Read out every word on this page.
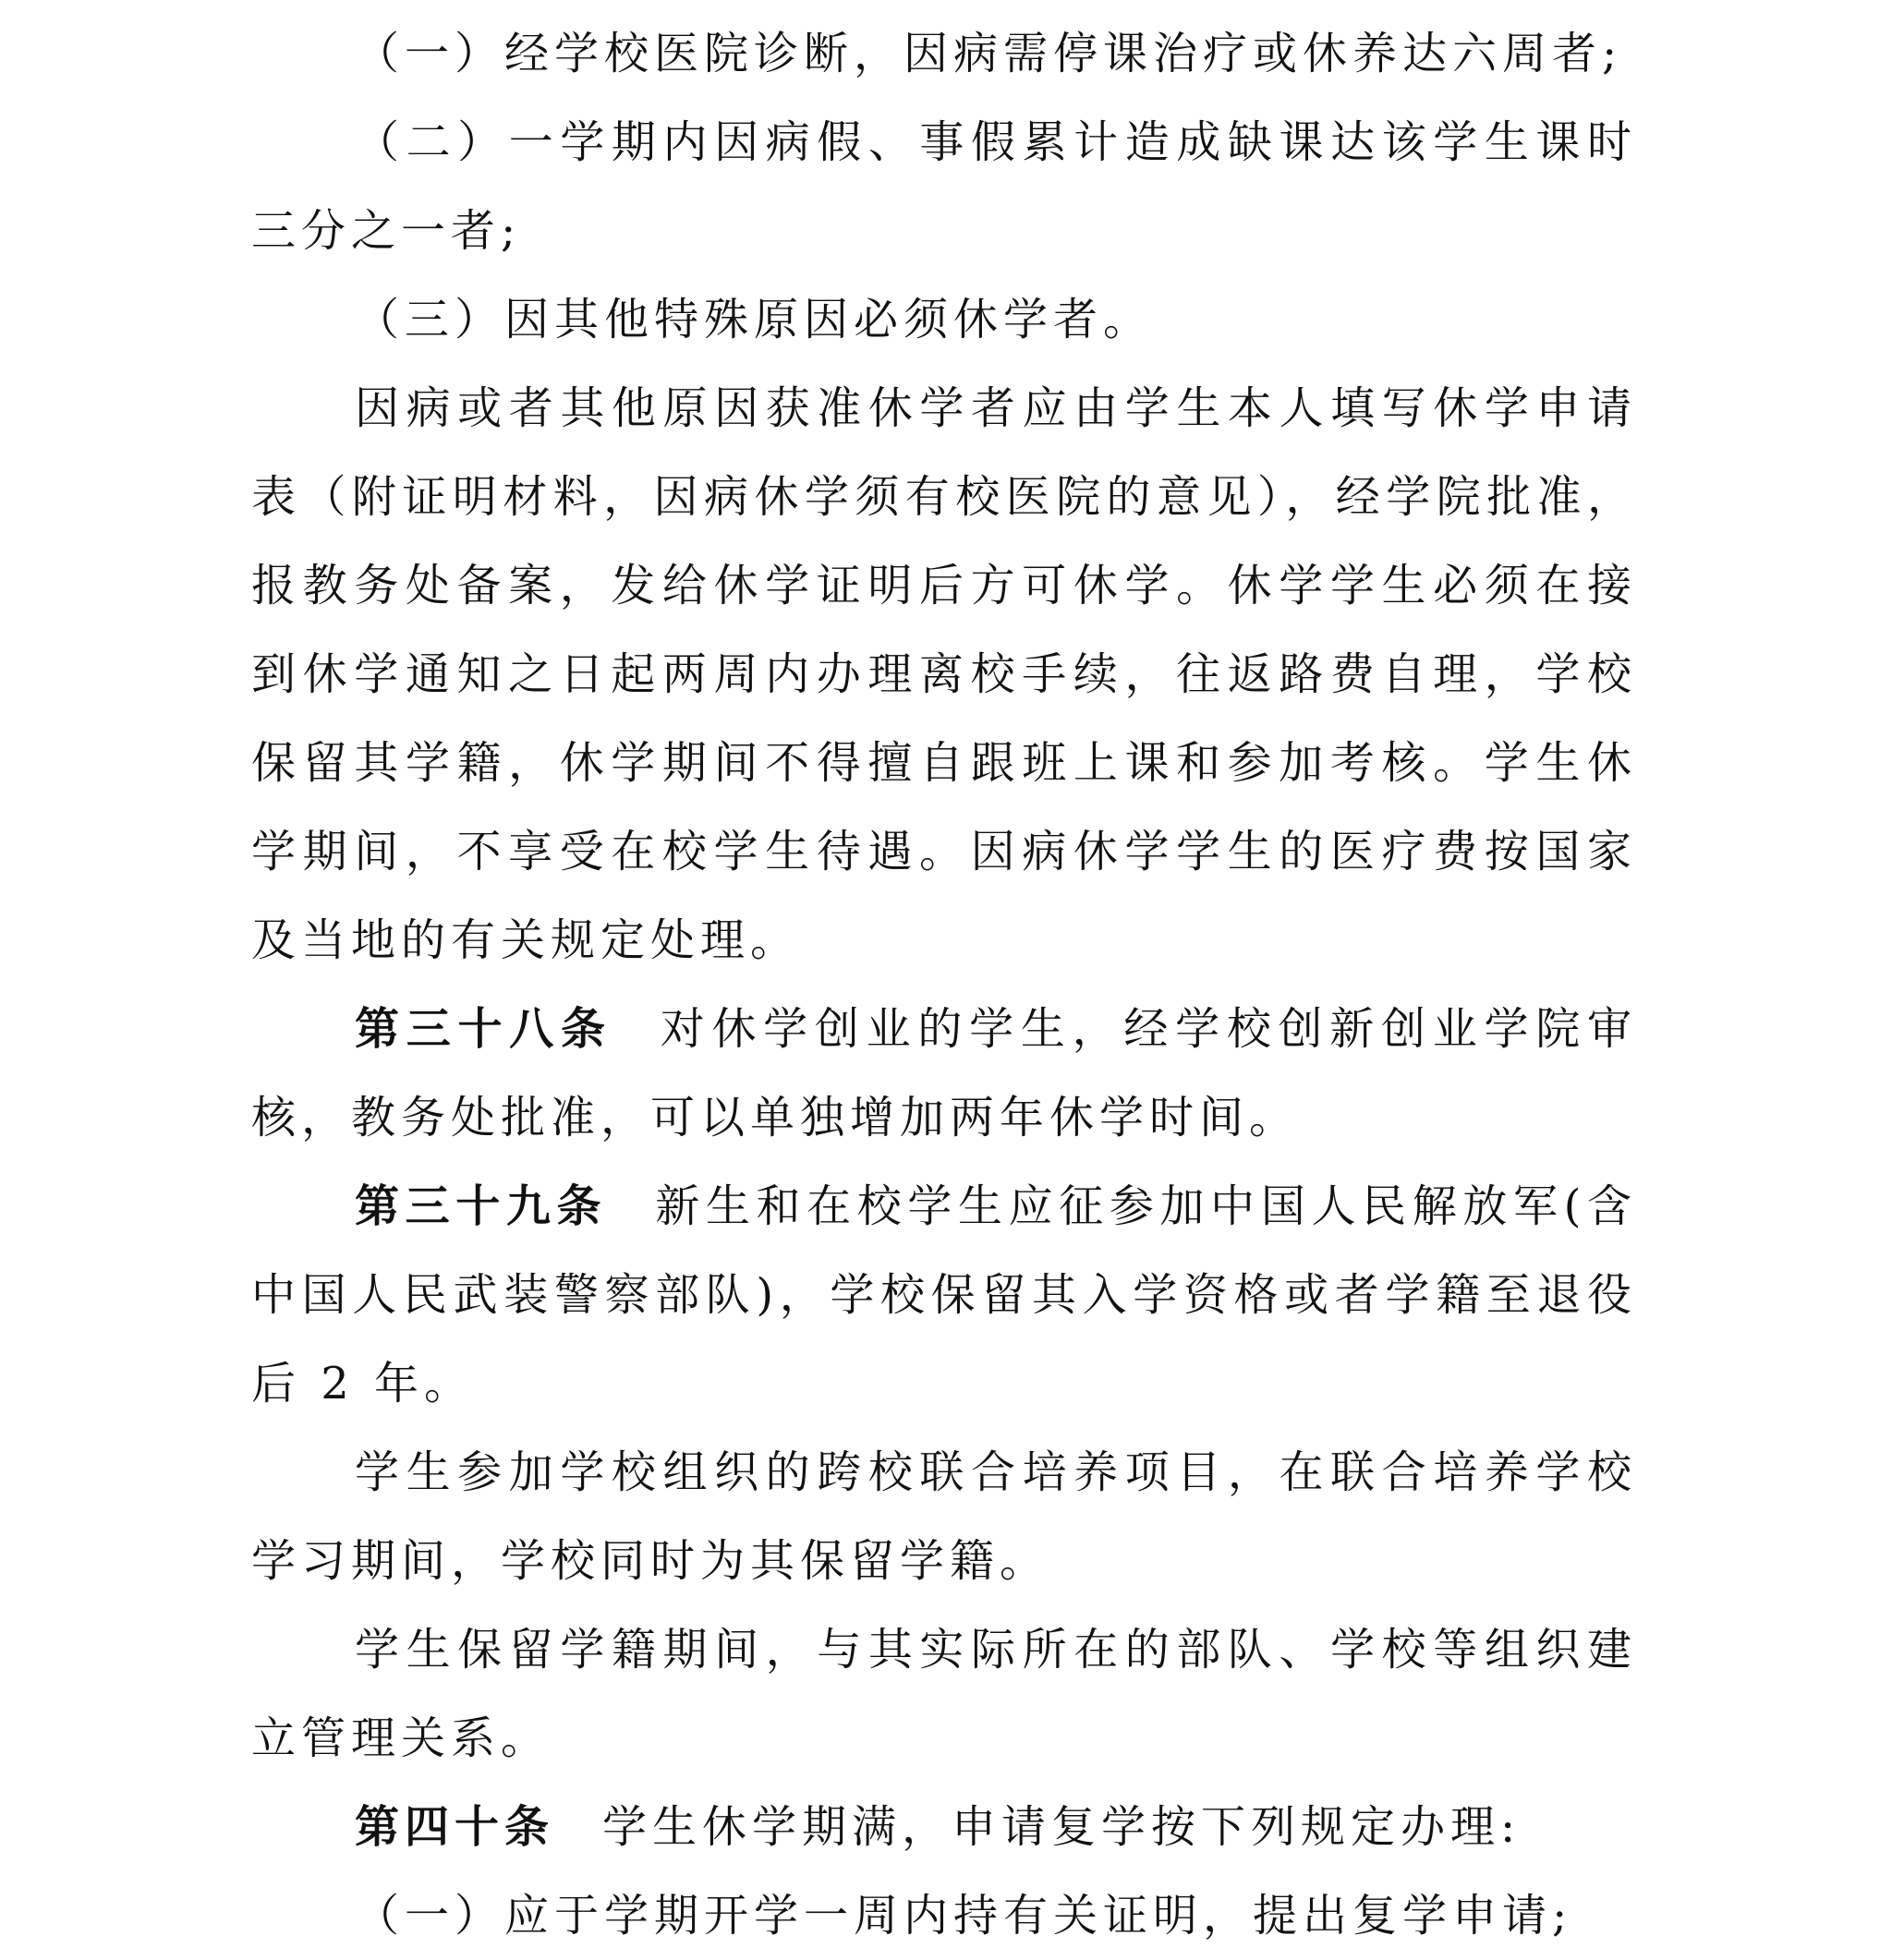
（一）经学校医院诊断，因病需停课治疗或休养达六周者;

（二）一学期内因病假、事假累计造成缺课达该学生课时三分之一者;

（三）因其他特殊原因必须休学者。

因病或者其他原因获准休学者应由学生本人填写休学申请表（附证明材料，因病休学须有校医院的意见），经学院批准，报教务处备案，发给休学证明后方可休学。休学学生必须在接到休学通知之日起两周内办理离校手续，往返路费自理，学校保留其学籍，休学期间不得擅自跟班上课和参加考核。学生休学期间，不享受在校学生待遇。因病休学学生的医疗费按国家及当地的有关规定处理。

第三十八条 对休学创业的学生，经学校创新创业学院审核，教务处批准，可以单独增加两年休学时间。

第三十九条 新生和在校学生应征参加中国人民解放军(含中国人民武装警察部队)，学校保留其入学资格或者学籍至退役后 2 年。

学生参加学校组织的跨校联合培养项目，在联合培养学校学习期间，学校同时为其保留学籍。

学生保留学籍期间，与其实际所在的部队、学校等组织建立管理关系。

第四十条 学生休学期满，申请复学按下列规定办理:

（一）应于学期开学一周内持有关证明，提出复学申请;
